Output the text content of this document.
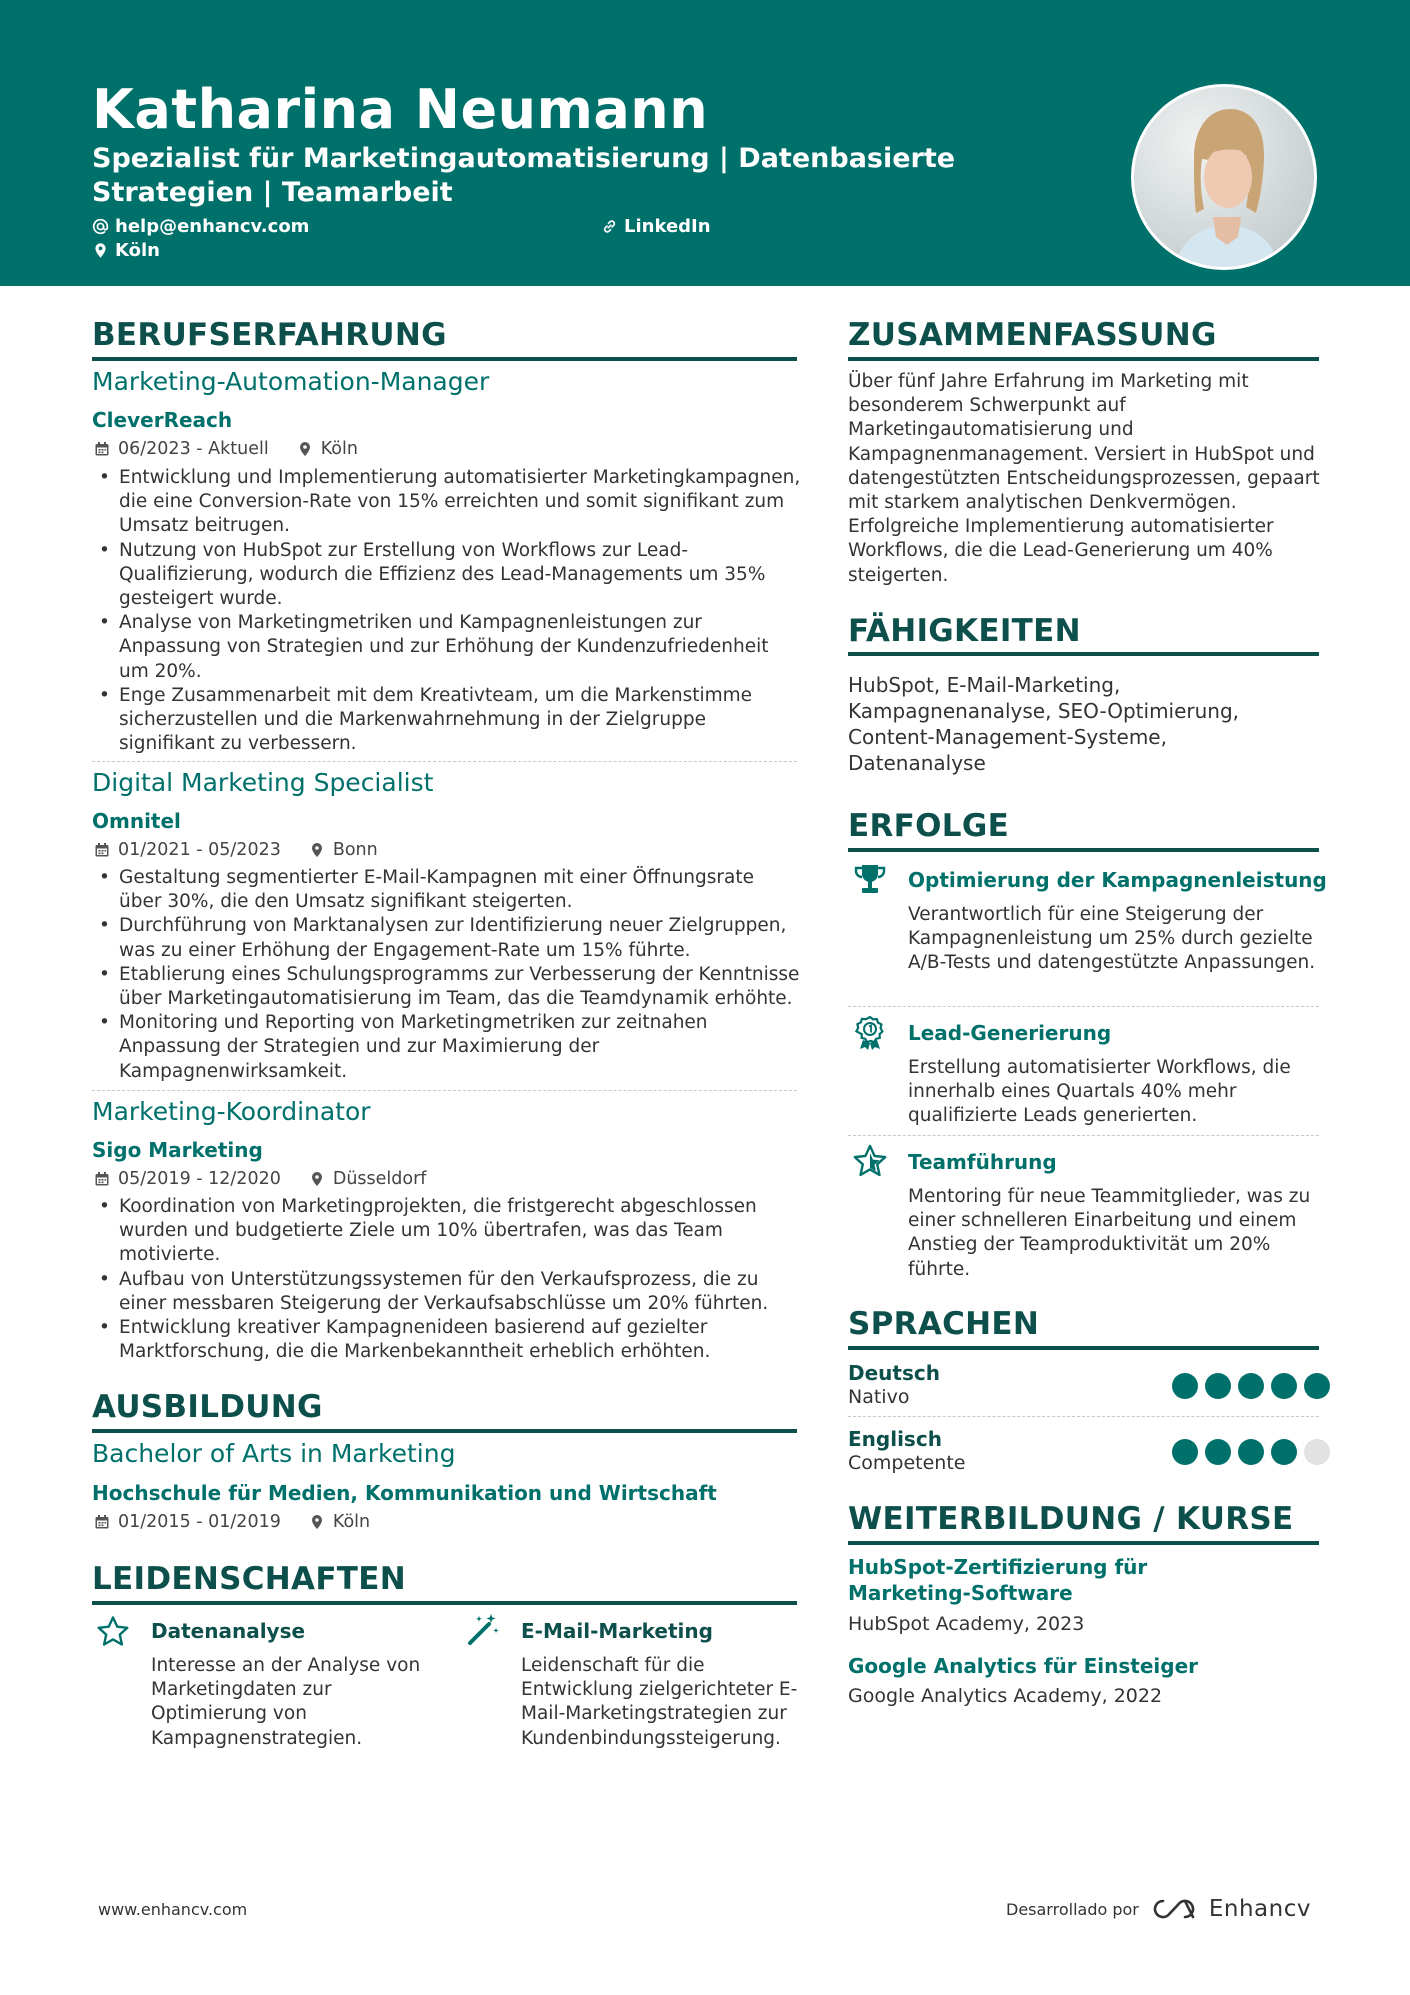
Katharina Neumann
Spezialist für Marketingautomatisierung | Datenbasierte Strategien | Teamarbeit
help@enhancv.com	LinkedIn
Köln
BERUFSERFAHRUNG
Marketing-Automation-Manager
CleverReach
06/2023 - Aktuell	Köln
• Entwicklung und Implementierung automatisierter Marketingkampagnen, die eine Conversion-Rate von 15% erreichten und somit signifikant zum Umsatz beitrugen.
• Nutzung von HubSpot zur Erstellung von Workflows zur Lead-Qualifizierung, wodurch die Effizienz des Lead-Managements um 35% gesteigert wurde.
• Analyse von Marketingmetriken und Kampagnenleistungen zur Anpassung von Strategien und zur Erhöhung der Kundenzufriedenheit um 20%.
• Enge Zusammenarbeit mit dem Kreativteam, um die Markenstimme sicherzustellen und die Markenwahrnehmung in der Zielgruppe signifikant zu verbessern.
Digital Marketing Specialist
Omnitel
01/2021 - 05/2023	Bonn
• Gestaltung segmentierter E-Mail-Kampagnen mit einer Öffnungsrate über 30%, die den Umsatz signifikant steigerten.
• Durchführung von Marktanalysen zur Identifizierung neuer Zielgruppen, was zu einer Erhöhung der Engagement-Rate um 15% führte.
• Etablierung eines Schulungsprogramms zur Verbesserung der Kenntnisse über Marketingautomatisierung im Team, das die Teamdynamik erhöhte.
• Monitoring und Reporting von Marketingmetriken zur zeitnahen Anpassung der Strategien und zur Maximierung der Kampagnenwirksamkeit.
Marketing-Koordinator
Sigo Marketing
05/2019 - 12/2020	Düsseldorf
• Koordination von Marketingprojekten, die fristgerecht abgeschlossen wurden und budgetierte Ziele um 10% übertrafen, was das Team motivierte.
• Aufbau von Unterstützungssystemen für den Verkaufsprozess, die zu einer messbaren Steigerung der Verkaufsabschlüsse um 20% führten.
• Entwicklung kreativer Kampagnenideen basierend auf gezielter Marktforschung, die die Markenbekanntheit erheblich erhöhten.
AUSBILDUNG
Bachelor of Arts in Marketing
Hochschule für Medien, Kommunikation und Wirtschaft
01/2015 - 01/2019	Köln
LEIDENSCHAFTEN
Datenanalyse
Interesse an der Analyse von Marketingdaten zur Optimierung von Kampagnenstrategien.
E-Mail-Marketing
Leidenschaft für die Entwicklung zielgerichteter E-Mail-Marketingstrategien zur Kundenbindungssteigerung.
ZUSAMMENFASSUNG
Über fünf Jahre Erfahrung im Marketing mit besonderem Schwerpunkt auf Marketingautomatisierung und Kampagnenmanagement. Versiert in HubSpot und datengestützten Entscheidungsprozessen, gepaart mit starkem analytischen Denkvermögen. Erfolgreiche Implementierung automatisierter Workflows, die die Lead-Generierung um 40% steigerten.
FÄHIGKEITEN
HubSpot, E-Mail-Marketing, Kampagnenanalyse, SEO-Optimierung, Content-Management-Systeme, Datenanalyse
ERFOLGE
Optimierung der Kampagnenleistung
Verantwortlich für eine Steigerung der Kampagnenleistung um 25% durch gezielte A/B-Tests und datengestützte Anpassungen.
Lead-Generierung
Erstellung automatisierter Workflows, die innerhalb eines Quartals 40% mehr qualifizierte Leads generierten.
Teamführung
Mentoring für neue Teammitglieder, was zu einer schnelleren Einarbeitung und einem Anstieg der Teamproduktivität um 20% führte.
SPRACHEN
Deutsch
Nativo
Englisch
Competente
WEITERBILDUNG / KURSE
HubSpot-Zertifizierung für Marketing-Software
HubSpot Academy, 2023
Google Analytics für Einsteiger
Google Analytics Academy, 2022
www.enhancv.com	Desarrollado por	Enhancv
